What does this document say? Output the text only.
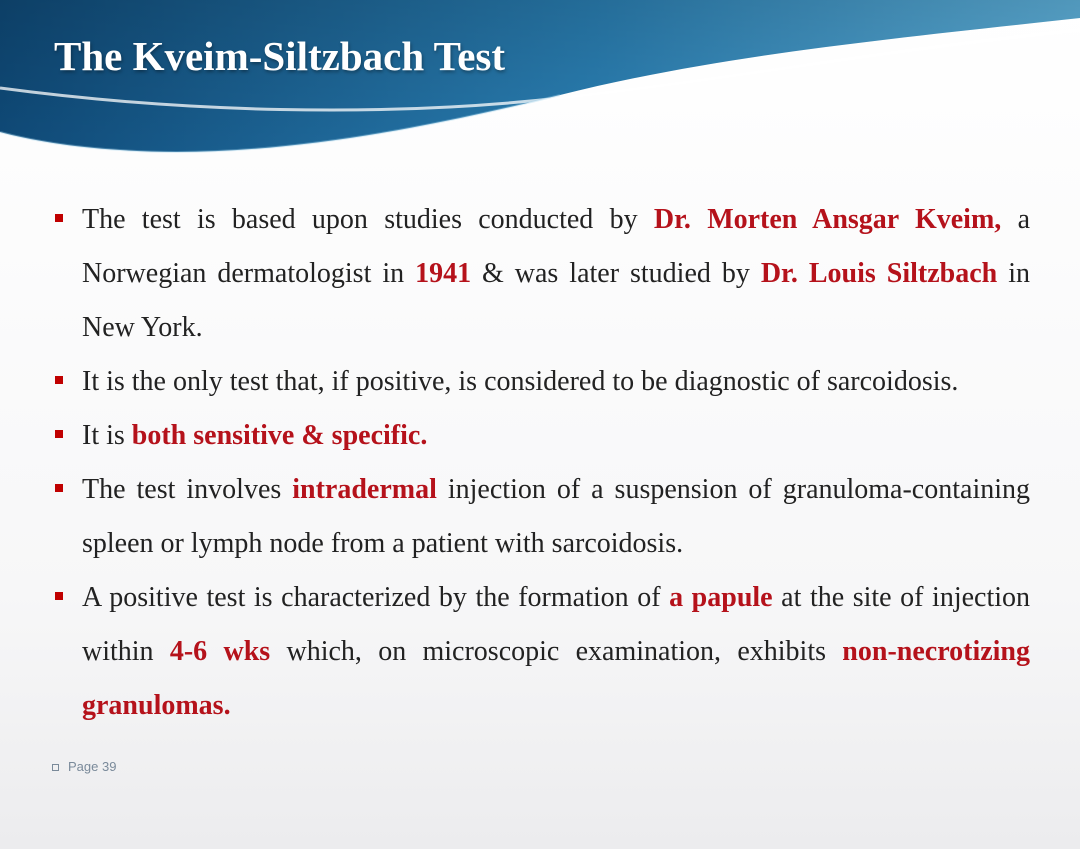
The Kveim-Siltzbach Test
The test is based upon studies conducted by Dr. Morten Ansgar Kveim, a Norwegian dermatologist in 1941 & was later studied by Dr. Louis Siltzbach in New York.
It is the only test that, if positive, is considered to be diagnostic of sarcoidosis.
It is both sensitive & specific.
The test involves intradermal injection of a suspension of granuloma-containing spleen or lymph node from a patient with sarcoidosis.
A positive test is characterized by the formation of a papule at the site of injection within 4-6 wks which, on microscopic examination, exhibits non-necrotizing granulomas.
Page 39
